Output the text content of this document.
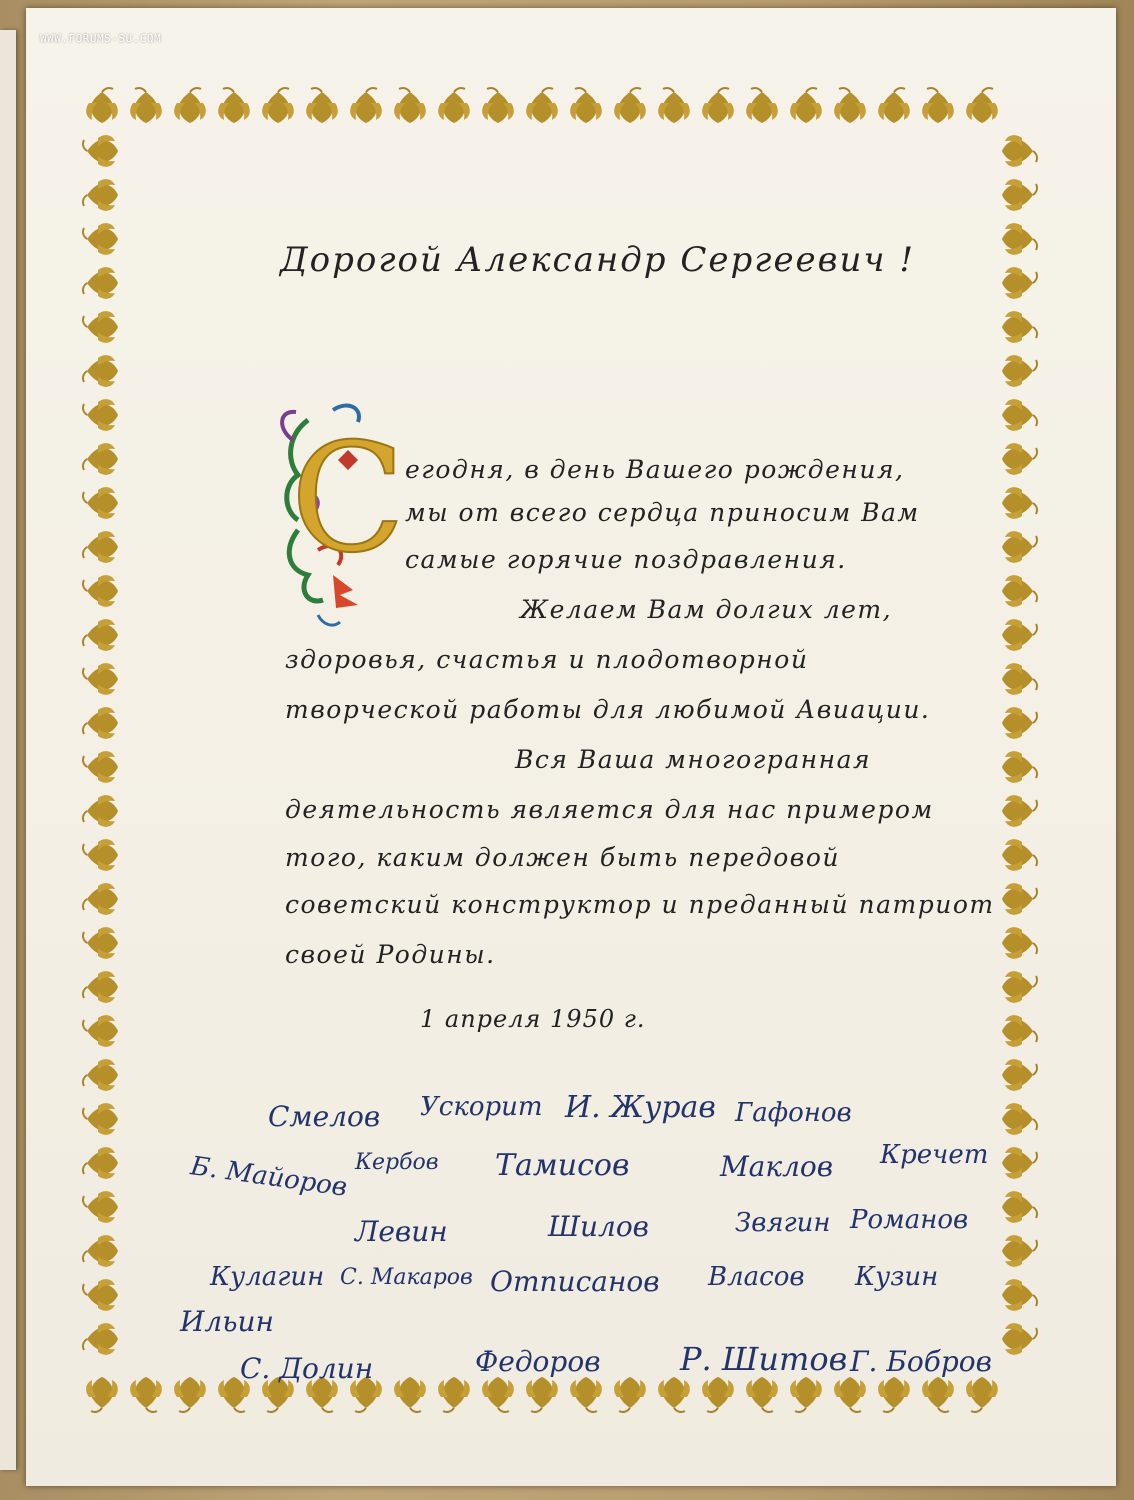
WWW.FORUMS-SU.COM
Дорогой Александр Сергеевич !
С егодня, в день Вашего рождения,
мы от всего сердца приносим Вам
самые горячие поздравления.
Желаем Вам долгих лет,
здоровья, счастья и плодотворной
творческой работы для любимой Авиации.
Вся Ваша многогранная
деятельность является для нас примером
того, каким должен быть передовой
советский конструктор и преданный патриот
своей Родины.
1 апреля 1950 г.
Смелов Ускорит И. Журав Гафонов
Б. Майоров Кербов Тамисов	Маклов Кречет
Левин	Шилов	Звягин Романов
Кулагин С. Макаров Отписанов Власов Кузин
Ильин
С. Долин	Федоров Р. Шитов Г. Бобров
